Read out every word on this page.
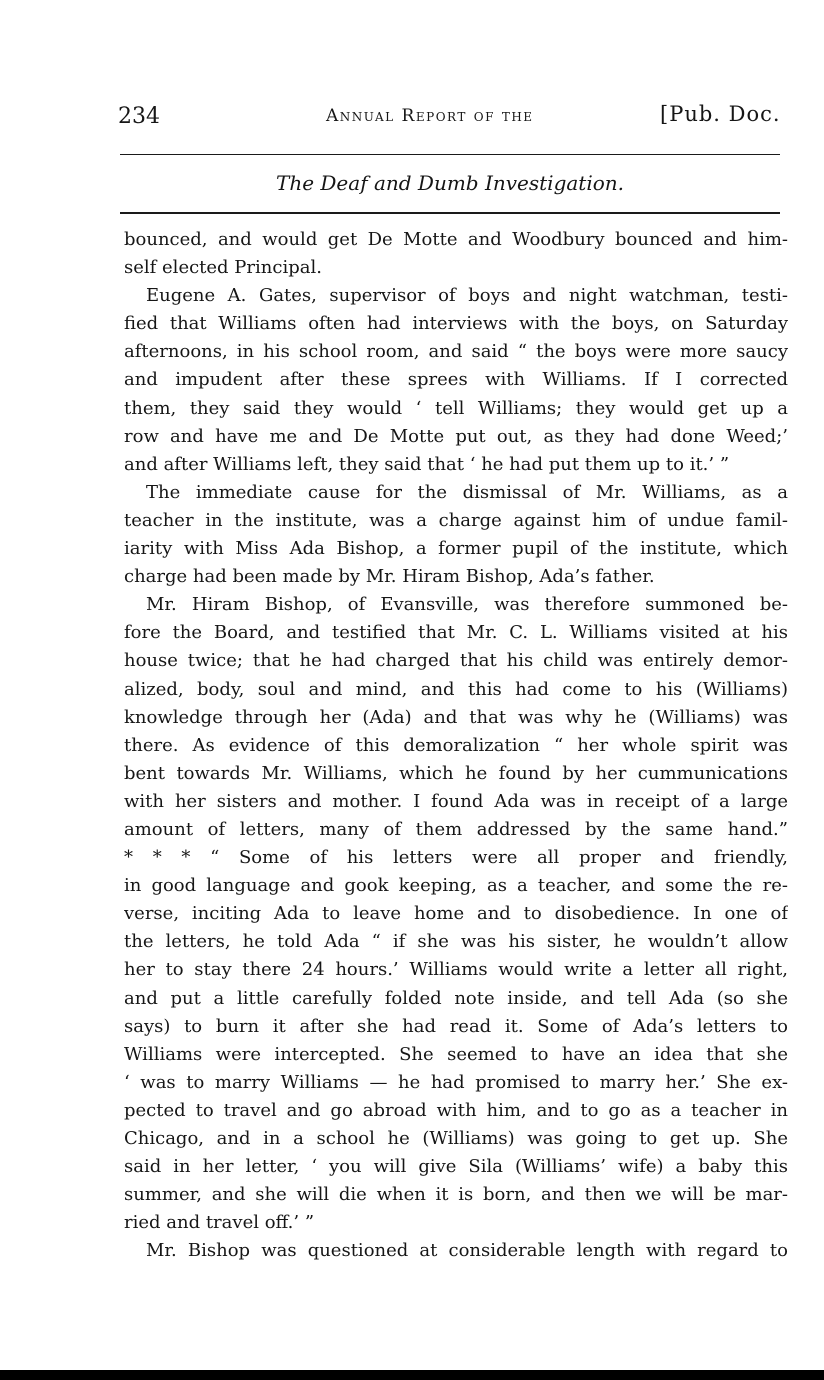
234	Annual Report of the	[Pub. Doc.
The Deaf and Dumb Investigation.
bounced, and would get De Motte and Woodbury bounced and him-
self elected Principal.
Eugene A. Gates, supervisor of boys and night watchman, testi-
fied that Williams often had interviews with the boys, on Saturday
afternoons, in his school room, and said “ the boys were more saucy
and impudent after these sprees with Williams. If I corrected
them, they said they would ‘ tell Williams; they would get up a
row and have me and De Motte put out, as they had done Weed;’
and after Williams left, they said that ‘ he had put them up to it.’ ”
The immediate cause for the dismissal of Mr. Williams, as a
teacher in the institute, was a charge against him of undue famil-
iarity with Miss Ada Bishop, a former pupil of the institute, which
charge had been made by Mr. Hiram Bishop, Ada’s father.
Mr. Hiram Bishop, of Evansville, was therefore summoned be-
fore the Board, and testified that Mr. C. L. Williams visited at his
house twice; that he had charged that his child was entirely demor-
alized, body, soul and mind, and this had come to his (Williams)
knowledge through her (Ada) and that was why he (Williams) was
there. As evidence of this demoralization “ her whole spirit was
bent towards Mr. Williams, which he found by her cummunications
with her sisters and mother. I found Ada was in receipt of a large
amount of letters, many of them addressed by the same hand.”
* * * “ Some of his letters were all proper and friendly,
in good language and gook keeping, as a teacher, and some the re-
verse, inciting Ada to leave home and to disobedience. In one of
the letters, he told Ada “ if she was his sister, he wouldn’t allow
her to stay there 24 hours.’ Williams would write a letter all right,
and put a little carefully folded note inside, and tell Ada (so she
says) to burn it after she had read it. Some of Ada’s letters to
Williams were intercepted. She seemed to have an idea that she
‘ was to marry Williams — he had promised to marry her.’ She ex-
pected to travel and go abroad with him, and to go as a teacher in
Chicago, and in a school he (Williams) was going to get up. She
said in her letter, ‘ you will give Sila (Williams’ wife) a baby this
summer, and she will die when it is born, and then we will be mar-
ried and travel off.’ ”
Mr. Bishop was questioned at considerable length with regard to
